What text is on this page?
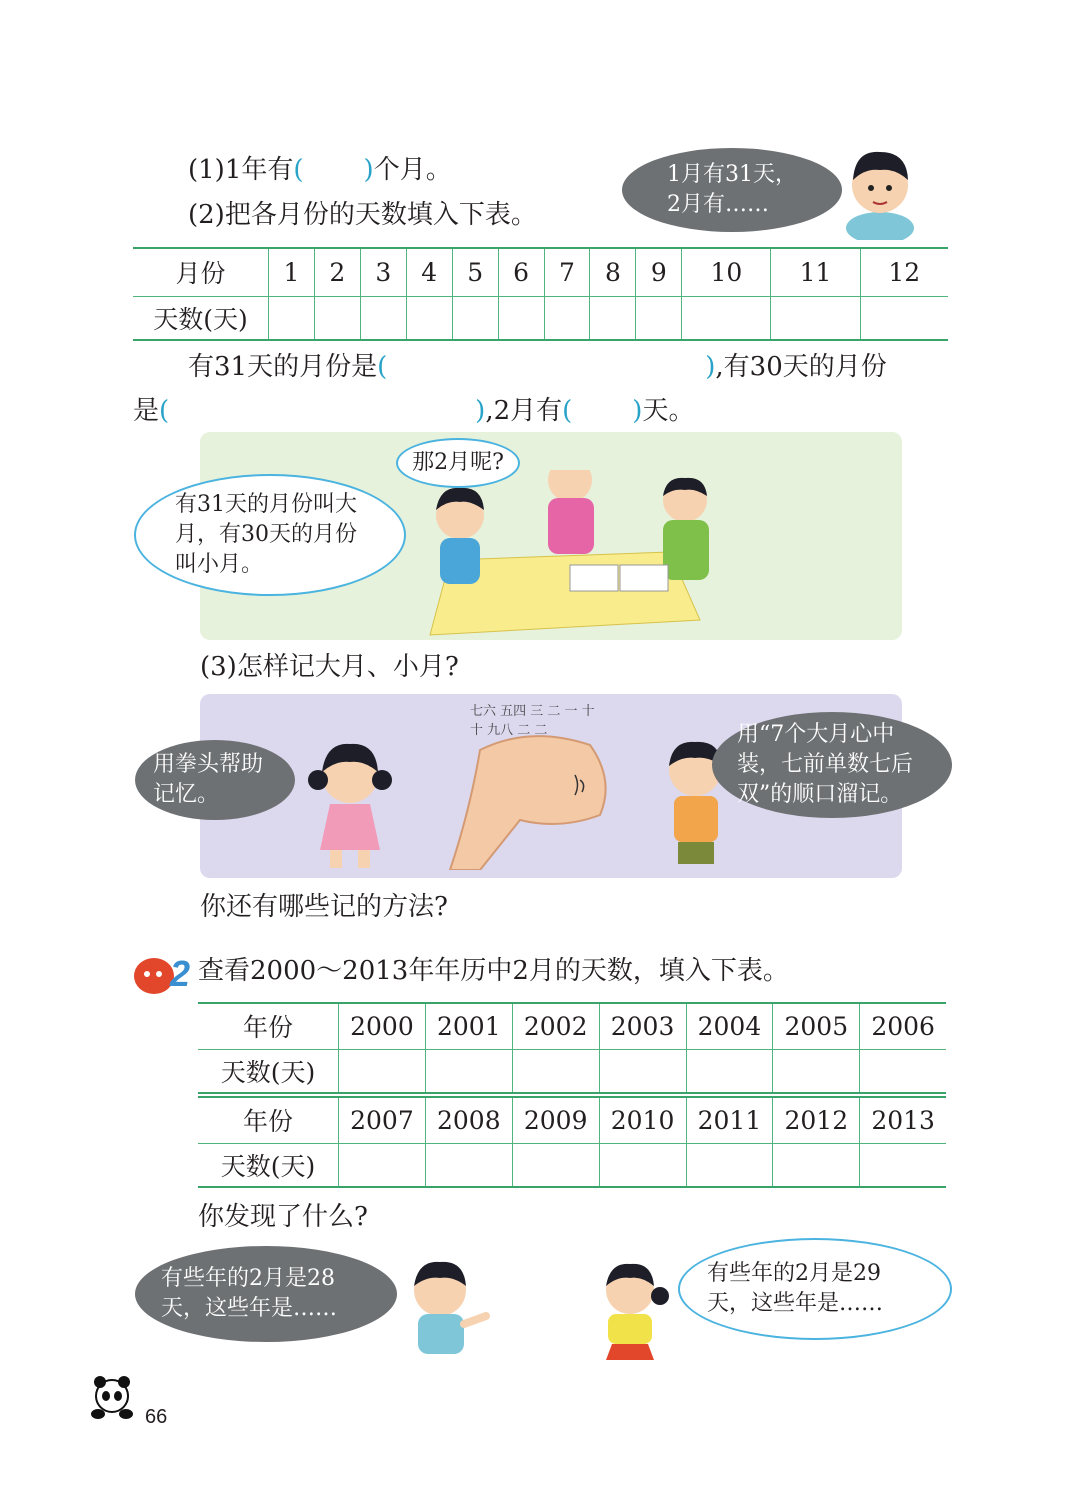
(1)1年有( )个月。
(2)把各月份的天数填入下表。
1月有31天，
2月有……
月份	1	2	3	4	5	6	7	8	9	10	11	12
天数(天)												
有31天的月份是(	),有30天的月份
是(	),2月有( )天。
那2月呢?
有31天的月份叫大月，有30天的月份叫小月。
(3)怎样记大月、小月?
七六 五四 三 二 一 十 十 九八 二 二
用拳头帮助记忆。
用“7个大月心中装，七前单数七后双”的顺口溜记。
你还有哪些记的方法?
2 查看2000～2013年年历中2月的天数，填入下表。
年份	2000	2001	2002	2003	2004	2005	2006
天数(天)							
年份	2007	2008	2009	2010	2011	2012	2013
天数(天)							
你发现了什么?
有些年的2月是28天，这些年是……
有些年的2月是29天，这些年是……
66
